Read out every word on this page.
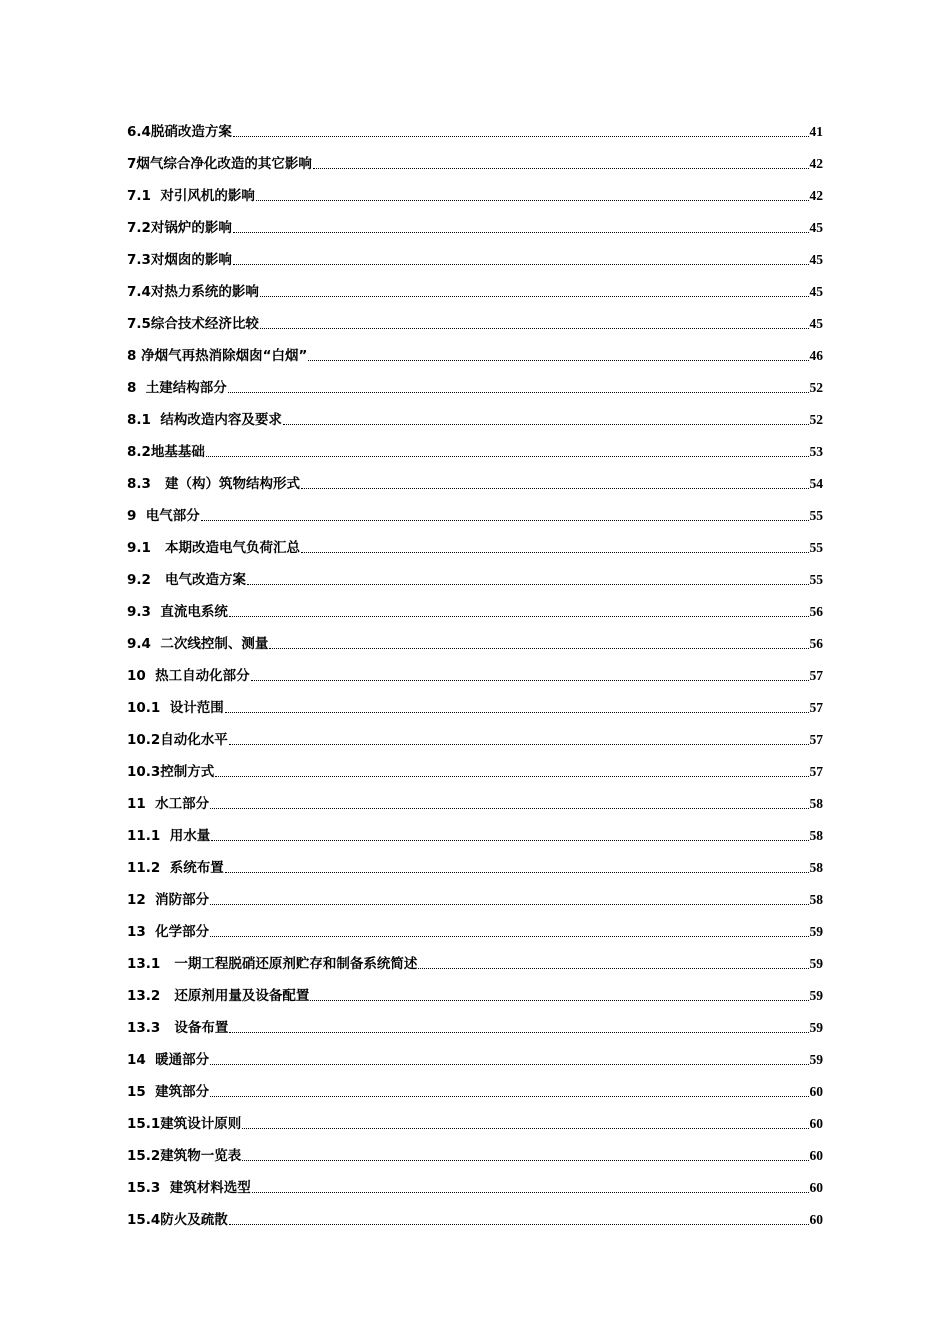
6.4脱硝改造方案	41
7烟气综合净化改造的其它影响	42
7.1  对引风机的影响	42
7.2对锅炉的影响	45
7.3对烟囱的影响	45
7.4对热力系统的影响	45
7.5综合技术经济比较	45
8 净烟气再热消除烟囱“白烟”	46
8  土建结构部分	52
8.1  结构改造内容及要求	52
8.2地基基础	53
8.3   建（构）筑物结构形式	54
9  电气部分	55
9.1   本期改造电气负荷汇总	55
9.2   电气改造方案	55
9.3  直流电系统	56
9.4  二次线控制、测量	56
10  热工自动化部分	57
10.1  设计范围	57
10.2自动化水平	57
10.3控制方式	57
11  水工部分	58
11.1  用水量	58
11.2  系统布置	58
12  消防部分	58
13  化学部分	59
13.1   一期工程脱硝还原剂贮存和制备系统简述	59
13.2   还原剂用量及设备配置	59
13.3   设备布置	59
14  暖通部分	59
15  建筑部分	60
15.1建筑设计原则	60
15.2建筑物一览表	60
15.3  建筑材料选型	60
15.4防火及疏散	60
